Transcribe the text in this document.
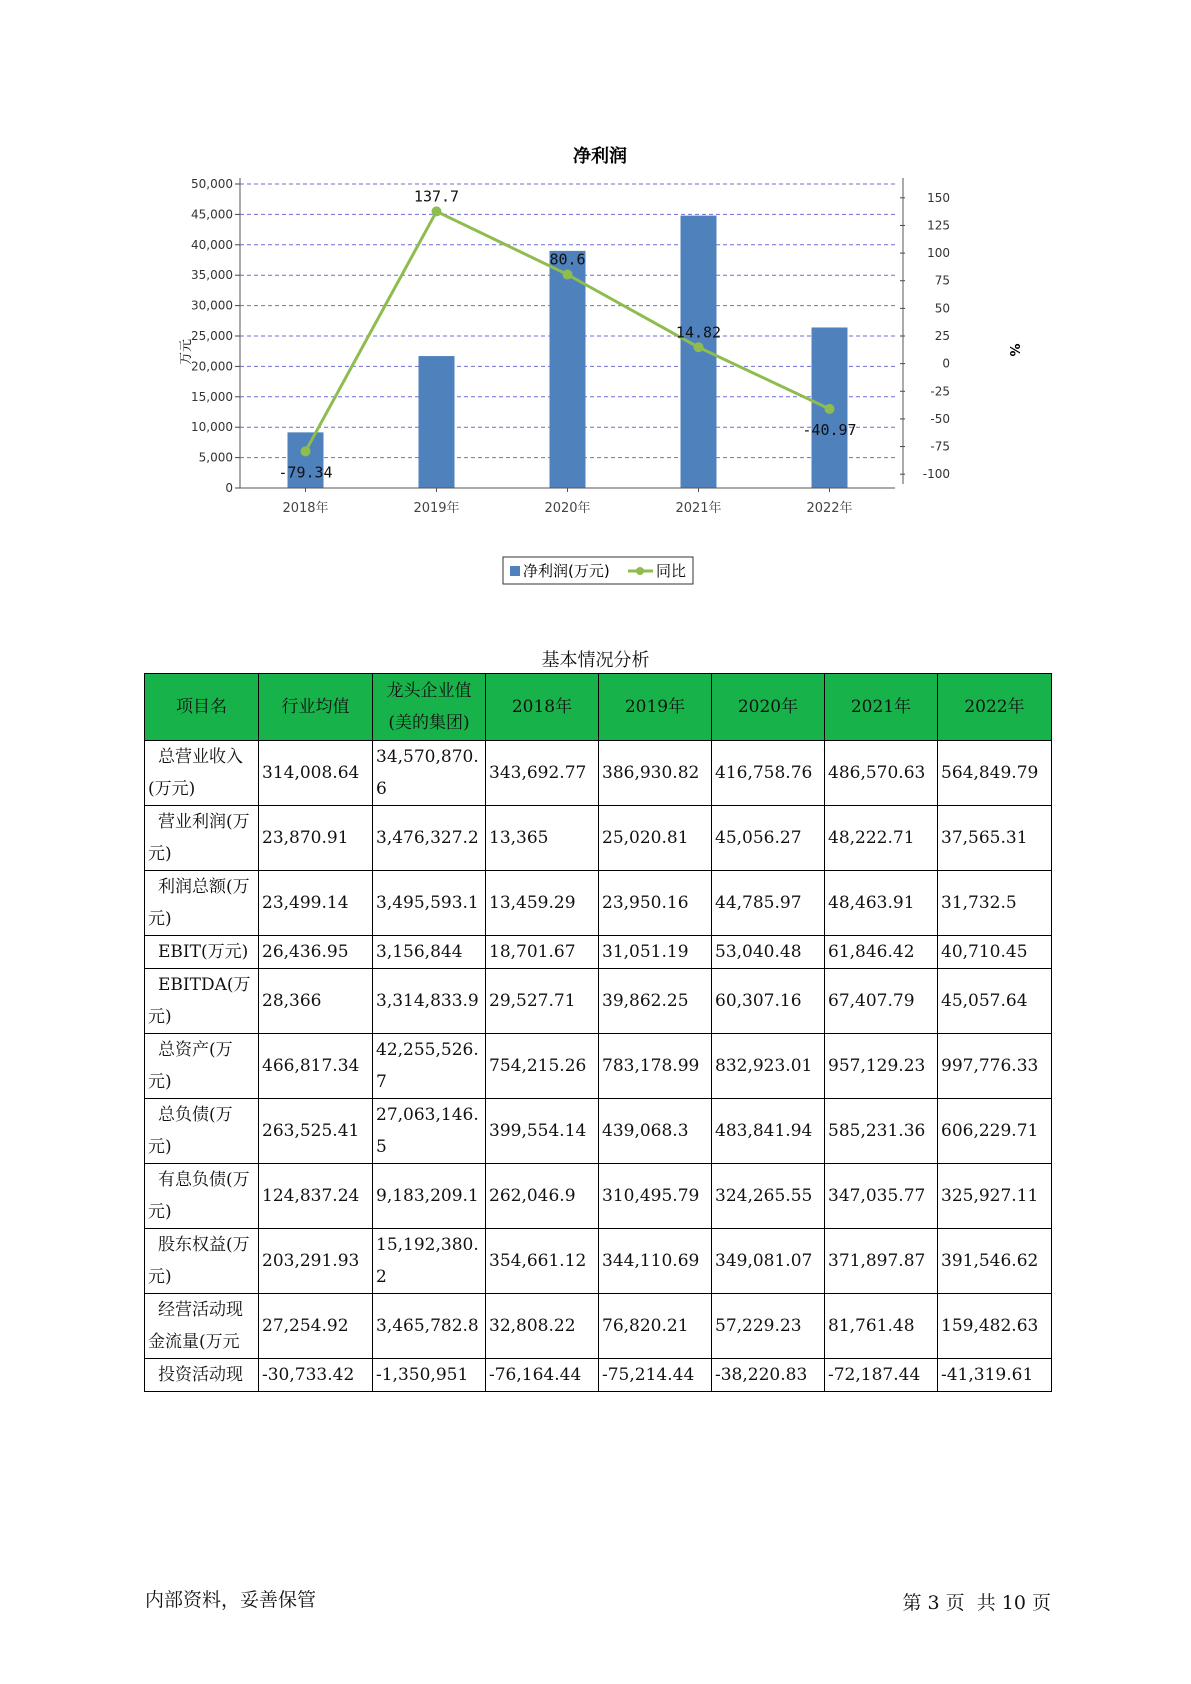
净利润
-79.34
137.7
80.6
14.82
-40.97
0
5,000
10,000
15,000
20,000
25,000
30,000
35,000
40,000
45,000
50,000
-100
-75
-50
-25
0
25
50
75
100
125
150
2018年	2019年	2020年	2021年	2022年
万元	%
净利润(万元)	同比
基本情况分析
项目名	行业均值	龙头企业值(美的集团)	2018年	2019年	2020年	2021年	2022年
总营业收入(万元)	314,008.64	34,570,870.6	343,692.77	386,930.82	416,758.76	486,570.63	564,849.79
营业利润(万元)	23,870.91	3,476,327.2	13,365	25,020.81	45,056.27	48,222.71	37,565.31
利润总额(万元)	23,499.14	3,495,593.1	13,459.29	23,950.16	44,785.97	48,463.91	31,732.5
EBIT(万元)	26,436.95	3,156,844	18,701.67	31,051.19	53,040.48	61,846.42	40,710.45
EBITDA(万元)	28,366	3,314,833.9	29,527.71	39,862.25	60,307.16	67,407.79	45,057.64
总资产(万元)	466,817.34	42,255,526.7	754,215.26	783,178.99	832,923.01	957,129.23	997,776.33
总负债(万元)	263,525.41	27,063,146.5	399,554.14	439,068.3	483,841.94	585,231.36	606,229.71
有息负债(万元)	124,837.24	9,183,209.1	262,046.9	310,495.79	324,265.55	347,035.77	325,927.11
股东权益(万元)	203,291.93	15,192,380.2	354,661.12	344,110.69	349,081.07	371,897.87	391,546.62
经营活动现金流量(万元	27,254.92	3,465,782.8	32,808.22	76,820.21	57,229.23	81,761.48	159,482.63
投资活动现	-30,733.42	-1,350,951	-76,164.44	-75,214.44	-38,220.83	-72,187.44	-41,319.61
内部资料，妥善保管	第 3 页  共 10 页
